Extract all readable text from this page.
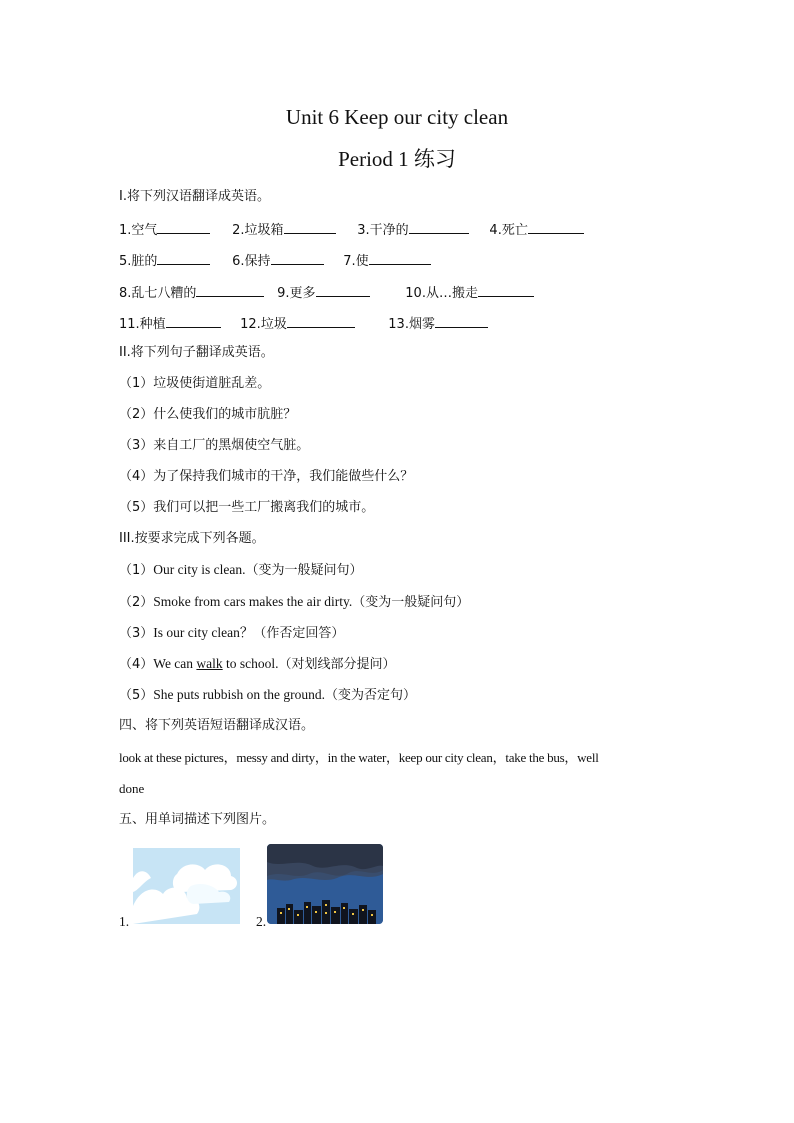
Unit 6 Keep our city clean
Period 1 练习
I.将下列汉语翻译成英语。
1.空气	2.垃圾箱	3.干净的	4.死亡
5.脏的	6.保持	7.使
8.乱七八糟的	9.更多	10.从…搬走
11.种植	12.垃圾	13.烟雾
II.将下列句子翻译成英语。
（1）垃圾使街道脏乱差。
（2）什么使我们的城市肮脏？
（3）来自工厂的黑烟使空气脏。
（4）为了保持我们城市的干净，我们能做些什么？
（5）我们可以把一些工厂搬离我们的城市。
III.按要求完成下列各题。
（1）Our city is clean.（变为一般疑问句）
（2）Smoke from cars makes the air dirty.（变为一般疑问句）
（3）Is our city clean？（作否定回答）
（4）We can walk to school.（对划线部分提问）
（5）She puts rubbish on the ground.（变为否定句）
四、将下列英语短语翻译成汉语。
look at these pictures，messy and dirty，in the water，keep our city clean，take the bus，well
done
五、用单词描述下列图片。
1.	2.
